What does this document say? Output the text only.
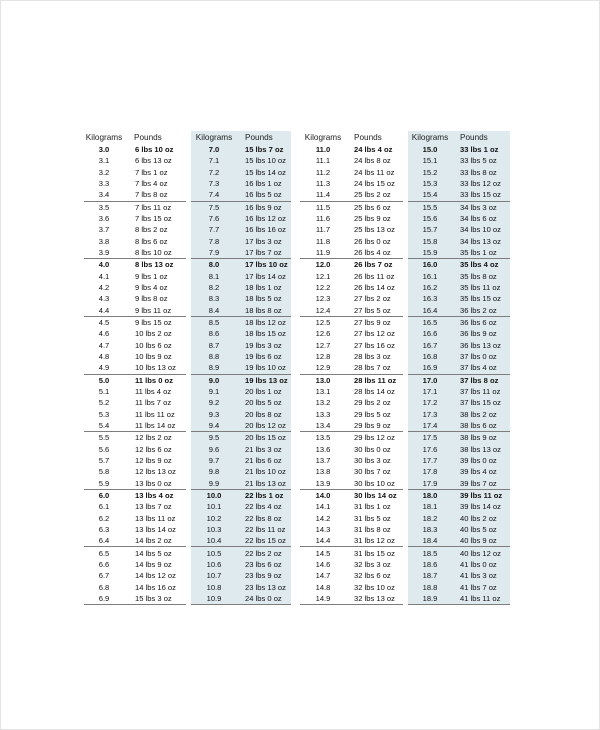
Kilograms	Pounds
3.0	6 lbs 10 oz
3.1	6 lbs 13 oz
3.2	7 lbs 1 oz
3.3	7 lbs 4 oz
3.4	7 lbs 8 oz
3.5	7 lbs 11 oz
3.6	7 lbs 15 oz
3.7	8 lbs 2 oz
3.8	8 lbs 6 oz
3.9	8 lbs 10 oz
4.0	8 lbs 13 oz
4.1	9 lbs 1 oz
4.2	9 lbs 4 oz
4.3	9 lbs 8 oz
4.4	9 lbs 11 oz
4.5	9 lbs 15 oz
4.6	10 lbs 2 oz
4.7	10 lbs 6 oz
4.8	10 lbs 9 oz
4.9	10 lbs 13 oz
5.0	11 lbs 0 oz
5.1	11 lbs 4 oz
5.2	11 lbs 7 oz
5.3	11 lbs 11 oz
5.4	11 lbs 14 oz
5.5	12 lbs 2 oz
5.6	12 lbs 6 oz
5.7	12 lbs 9 oz
5.8	12 lbs 13 oz
5.9	13 lbs 0 oz
6.0	13 lbs 4 oz
6.1	13 lbs 7 oz
6.2	13 lbs 11 oz
6.3	13 lbs 14 oz
6.4	14 lbs 2 oz
6.5	14 lbs 5 oz
6.6	14 lbs 9 oz
6.7	14 lbs 12 oz
6.8	14 lbs 16 oz
6.9	15 lbs 3 oz
Kilograms	Pounds
7.0	15 lbs 7 oz
7.1	15 lbs 10 oz
7.2	15 lbs 14 oz
7.3	16 lbs 1 oz
7.4	16 lbs 5 oz
7.5	16 lbs 9 oz
7.6	16 lbs 12 oz
7.7	16 lbs 16 oz
7.8	17 lbs 3 oz
7.9	17 lbs 7 oz
8.0	17 lbs 10 oz
8.1	17 lbs 14 oz
8.2	18 lbs 1 oz
8.3	18 lbs 5 oz
8.4	18 lbs 8 oz
8.5	18 lbs 12 oz
8.6	18 lbs 15 oz
8.7	19 lbs 3 oz
8.8	19 lbs 6 oz
8.9	19 lbs 10 oz
9.0	19 lbs 13 oz
9.1	20 lbs 1 oz
9.2	20 lbs 5 oz
9.3	20 lbs 8 oz
9.4	20 lbs 12 oz
9.5	20 lbs 15 oz
9.6	21 lbs 3 oz
9.7	21 lbs 6 oz
9.8	21 lbs 10 oz
9.9	21 lbs 13 oz
10.0	22 lbs 1 oz
10.1	22 lbs 4 oz
10.2	22 lbs 8 oz
10.3	22 lbs 11 oz
10.4	22 lbs 15 oz
10.5	22 lbs 2 oz
10.6	23 lbs 6 oz
10.7	23 lbs 9 oz
10.8	23 lbs 13 oz
10.9	24 lbs 0 oz
Kilograms	Pounds
11.0	24 lbs 4 oz
11.1	24 lbs 8 oz
11.2	24 lbs 11 oz
11.3	24 lbs 15 oz
11.4	25 lbs 2 oz
11.5	25 lbs 6 oz
11.6	25 lbs 9 oz
11.7	25 lbs 13 oz
11.8	26 lbs 0 oz
11.9	26 lbs 4 oz
12.0	26 lbs 7 oz
12.1	26 lbs 11 oz
12.2	26 lbs 14 oz
12.3	27 lbs 2 oz
12.4	27 lbs 5 oz
12.5	27 lbs 9 oz
12.6	27 lbs 12 oz
12.7	27 lbs 16 oz
12.8	28 lbs 3 oz
12.9	28 lbs 7 oz
13.0	28 lbs 11 oz
13.1	28 lbs 14 oz
13.2	29 lbs 2 oz
13.3	29 lbs 5 oz
13.4	29 lbs 9 oz
13.5	29 lbs 12 oz
13.6	30 lbs 0 oz
13.7	30 lbs 3 oz
13.8	30 lbs 7 oz
13.9	30 lbs 10 oz
14.0	30 lbs 14 oz
14.1	31 lbs 1 oz
14.2	31 lbs 5 oz
14.3	31 lbs 8 oz
14.4	31 lbs 12 oz
14.5	31 lbs 15 oz
14.6	32 lbs 3 oz
14.7	32 lbs 6 oz
14.8	32 lbs 10 oz
14.9	32 lbs 13 oz
Kilograms	Pounds
15.0	33 lbs 1 oz
15.1	33 lbs 5 oz
15.2	33 lbs 8 oz
15.3	33 lbs 12 oz
15.4	33 lbs 15 oz
15.5	34 lbs 3 oz
15.6	34 lbs 6 oz
15.7	34 lbs 10 oz
15.8	34 lbs 13 oz
15.9	35 lbs 1 oz
16.0	35 lbs 4 oz
16.1	35 lbs 8 oz
16.2	35 lbs 11 oz
16.3	35 lbs 15 oz
16.4	36 lbs 2 oz
16.5	36 lbs 6 oz
16.6	36 lbs 9 oz
16.7	36 lbs 13 oz
16.8	37 lbs 0 oz
16.9	37 lbs 4 oz
17.0	37 lbs 8 oz
17.1	37 lbs 11 oz
17.2	37 lbs 15 oz
17.3	38 lbs 2 oz
17.4	38 lbs 6 oz
17.5	38 lbs 9 oz
17.6	38 lbs 13 oz
17.7	39 lbs 0 oz
17.8	39 lbs 4 oz
17.9	39 lbs 7 oz
18.0	39 lbs 11 oz
18.1	39 lbs 14 oz
18.2	40 lbs 2 oz
18.3	40 lbs 5 oz
18.4	40 lbs 9 oz
18.5	40 lbs 12 oz
18.6	41 lbs 0 oz
18.7	41 lbs 3 oz
18.8	41 lbs 7 oz
18.9	41 lbs 11 oz
